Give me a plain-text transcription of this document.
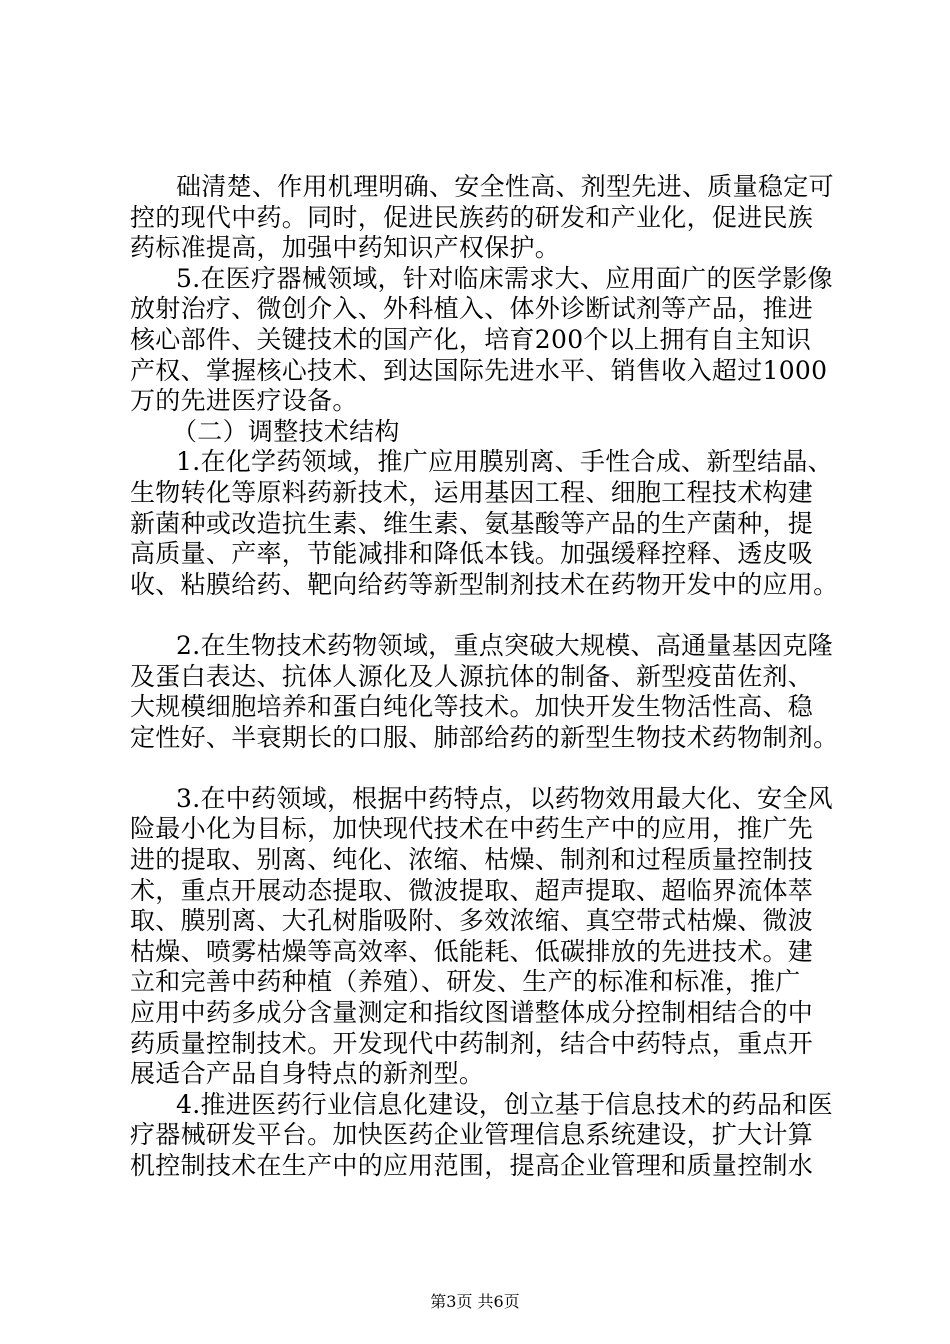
础清楚、作用机理明确、安全性高、剂型先进、质量稳定可
控的现代中药。同时，促进民族药的研发和产业化，促进民族
药标准提高，加强中药知识产权保护。
5.在医疗器械领域，针对临床需求大、应用面广的医学影像
放射治疗、微创介入、外科植入、体外诊断试剂等产品，推进
核心部件、关键技术的国产化，培育200个以上拥有自主知识
产权、掌握核心技术、到达国际先进水平、销售收入超过1000
万的先进医疗设备。
（二）调整技术结构
1.在化学药领域，推广应用膜别离、手性合成、新型结晶、
生物转化等原料药新技术，运用基因工程、细胞工程技术构建
新菌种或改造抗生素、维生素、氨基酸等产品的生产菌种，提
高质量、产率，节能减排和降低本钱。加强缓释控释、透皮吸
收、粘膜给药、靶向给药等新型制剂技术在药物开发中的应用。
2.在生物技术药物领域，重点突破大规模、高通量基因克隆
及蛋白表达、抗体人源化及人源抗体的制备、新型疫苗佐剂、
大规模细胞培养和蛋白纯化等技术。加快开发生物活性高、稳
定性好、半衰期长的口服、肺部给药的新型生物技术药物制剂。
3.在中药领域，根据中药特点，以药物效用最大化、安全风
险最小化为目标，加快现代技术在中药生产中的应用，推广先
进的提取、别离、纯化、浓缩、枯燥、制剂和过程质量控制技
术，重点开展动态提取、微波提取、超声提取、超临界流体萃
取、膜别离、大孔树脂吸附、多效浓缩、真空带式枯燥、微波
枯燥、喷雾枯燥等高效率、低能耗、低碳排放的先进技术。建
立和完善中药种植（养殖）、研发、生产的标准和标准，推广
应用中药多成分含量测定和指纹图谱整体成分控制相结合的中
药质量控制技术。开发现代中药制剂，结合中药特点，重点开
展适合产品自身特点的新剂型。
4.推进医药行业信息化建设，创立基于信息技术的药品和医
疗器械研发平台。加快医药企业管理信息系统建设，扩大计算
机控制技术在生产中的应用范围，提高企业管理和质量控制水
第3页 共6页
